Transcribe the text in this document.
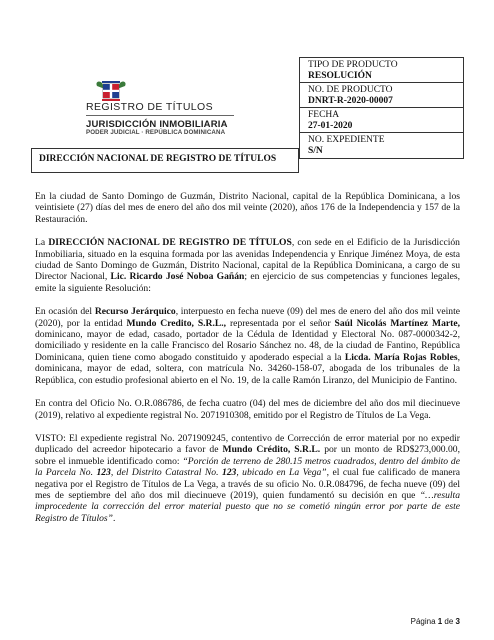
REGISTRO DE TÍTULOS
JURISDICCIÓN INMOBILIARIA
PODER JUDICIAL · REPÚBLICA DOMINICANA
TIPO DE PRODUCTO
RESOLUCIÓN
NO. DE PRODUCTO
DNRT-R-2020-00007
FECHA
27-01-2020
NO. EXPEDIENTE
S/N
DIRECCIÓN NACIONAL DE REGISTRO DE TÍTULOS

En la ciudad de Santo Domingo de Guzmán, Distrito Nacional, capital de la República Dominicana, a los veintisiete (27) días del mes de enero del año dos mil veinte (2020), años 176 de la Independencia y 157 de la Restauración.

La DIRECCIÓN NACIONAL DE REGISTRO DE TÍTULOS, con sede en el Edificio de la Jurisdicción Inmobiliaria, situado en la esquina formada por las avenidas Independencia y Enrique Jiménez Moya, de esta ciudad de Santo Domingo de Guzmán, Distrito Nacional, capital de la República Dominicana, a cargo de su Director Nacional, Lic. Ricardo José Noboa Gañán; en ejercicio de sus competencias y funciones legales, emite la siguiente Resolución:

En ocasión del Recurso Jerárquico, interpuesto en fecha nueve (09) del mes de enero del año dos mil veinte (2020), por la entidad Mundo Credito, S.R.L., representada por el señor Saúl Nicolás Martínez Marte, dominicano, mayor de edad, casado, portador de la Cédula de Identidad y Electoral No. 087-0000342-2, domiciliado y residente en la calle Francisco del Rosario Sánchez no. 48, de la ciudad de Fantino, República Dominicana, quien tiene como abogado constituido y apoderado especial a la Licda. María Rojas Robles, dominicana, mayor de edad, soltera, con matrícula No. 34260-158-07, abogada de los tribunales de la República, con estudio profesional abierto en el No. 19, de la calle Ramón Liranzo, del Municipio de Fantino.

En contra del Oficio No. O.R.086786, de fecha cuatro (04) del mes de diciembre del año dos mil diecinueve (2019), relativo al expediente registral No. 2071910308, emitido por el Registro de Títulos de La Vega.

VISTO: El expediente registral No. 2071909245, contentivo de Corrección de error material por no expedir duplicado del acreedor hipotecario a favor de Mundo Crédito, S.R.L. por un monto de RD$273,000.00, sobre el inmueble identificado como: “Porción de terreno de 280.15 metros cuadrados, dentro del ámbito de la Parcela No. 123, del Distrito Catastral No. 123, ubicado en La Vega”, el cual fue calificado de manera negativa por el Registro de Títulos de La Vega, a través de su oficio No. 0.R.084796, de fecha nueve (09) del mes de septiembre del año dos mil diecinueve (2019), quien fundamentó su decisión en que “…resulta improcedente la corrección del error material puesto que no se cometió ningún error por parte de este Registro de Títulos”.

Página 1 de 3
